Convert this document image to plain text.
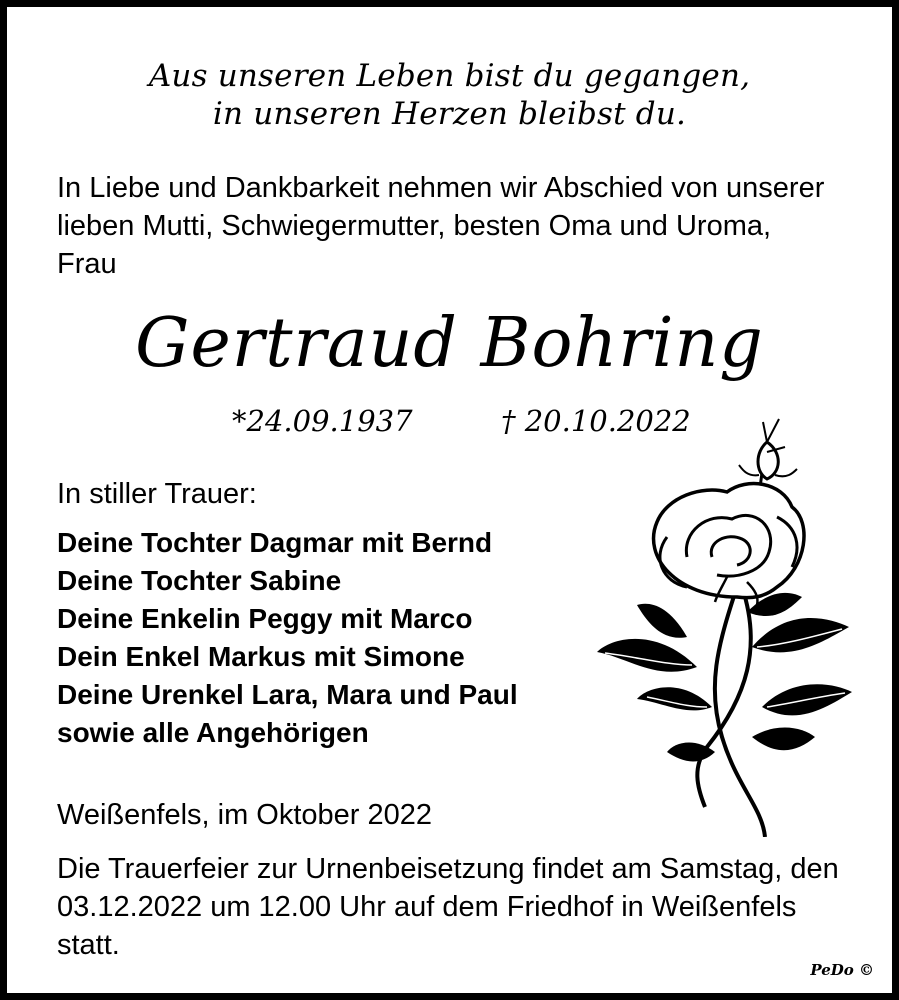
Aus unseren Leben bist du gegangen,
in unseren Herzen bleibst du.
In Liebe und Dankbarkeit nehmen wir Abschied von unserer
lieben Mutti, Schwiegermutter, besten Oma und Uroma,
Frau
Gertraud Bohring
*24.09.1937	† 20.10.2022
In stiller Trauer:
Deine Tochter Dagmar mit Bernd
Deine Tochter Sabine
Deine Enkelin Peggy mit Marco
Dein Enkel Markus mit Simone
Deine Urenkel Lara, Mara und Paul
sowie alle Angehörigen
Weißenfels, im Oktober 2022
Die Trauerfeier zur Urnenbeisetzung findet am Samstag, den
03.12.2022 um 12.00 Uhr auf dem Friedhof in Weißenfels
statt.
PeDo ©
